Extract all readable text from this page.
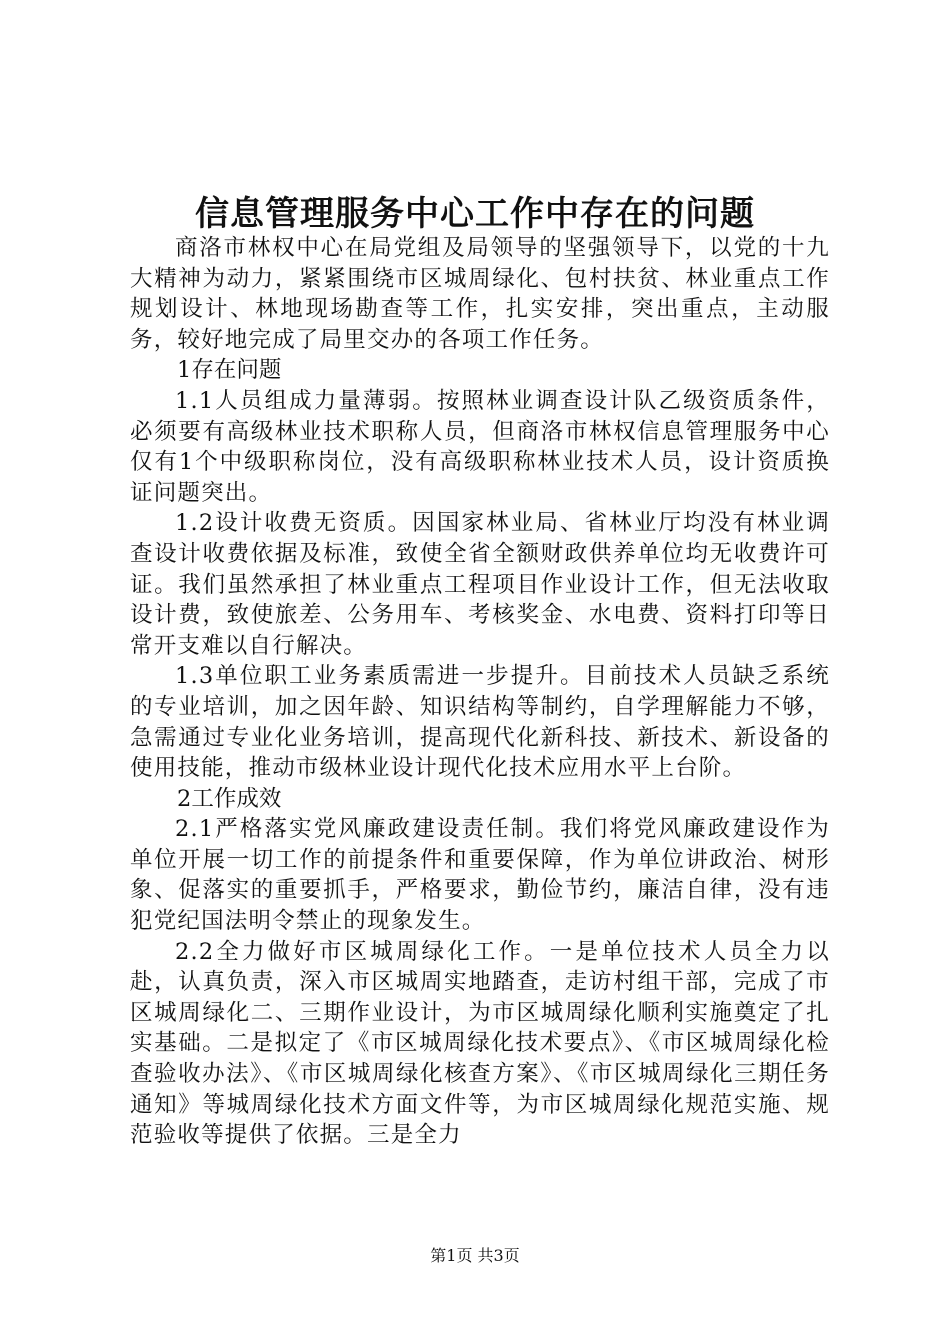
信息管理服务中心工作中存在的问题

商洛市林权中心在局党组及局领导的坚强领导下，以党的十九大精神为动力，紧紧围绕市区城周绿化、包村扶贫、林业重点工作规划设计、林地现场勘查等工作，扎实安排，突出重点，主动服务，较好地完成了局里交办的各项工作任务。

1存在问题

1.1人员组成力量薄弱。按照林业调查设计队乙级资质条件，必须要有高级林业技术职称人员，但商洛市林权信息管理服务中心仅有1个中级职称岗位，没有高级职称林业技术人员，设计资质换证问题突出。

1.2设计收费无资质。因国家林业局、省林业厅均没有林业调查设计收费依据及标准，致使全省全额财政供养单位均无收费许可证。我们虽然承担了林业重点工程项目作业设计工作，但无法收取设计费，致使旅差、公务用车、考核奖金、水电费、资料打印等日常开支难以自行解决。

1.3单位职工业务素质需进一步提升。目前技术人员缺乏系统的专业培训，加之因年龄、知识结构等制约，自学理解能力不够，急需通过专业化业务培训，提高现代化新科技、新技术、新设备的使用技能，推动市级林业设计现代化技术应用水平上台阶。

2工作成效

2.1严格落实党风廉政建设责任制。我们将党风廉政建设作为单位开展一切工作的前提条件和重要保障，作为单位讲政治、树形象、促落实的重要抓手，严格要求，勤俭节约，廉洁自律，没有违犯党纪国法明令禁止的现象发生。

2.2全力做好市区城周绿化工作。一是单位技术人员全力以赴，认真负责，深入市区城周实地踏查，走访村组干部，完成了市区城周绿化二、三期作业设计，为市区城周绿化顺利实施奠定了扎实基础。二是拟定了《市区城周绿化技术要点》、《市区城周绿化检查验收办法》、《市区城周绿化核查方案》、《市区城周绿化三期任务通知》等城周绿化技术方面文件等，为市区城周绿化规范实施、规范验收等提供了依据。三是全力

第1页 共3页
